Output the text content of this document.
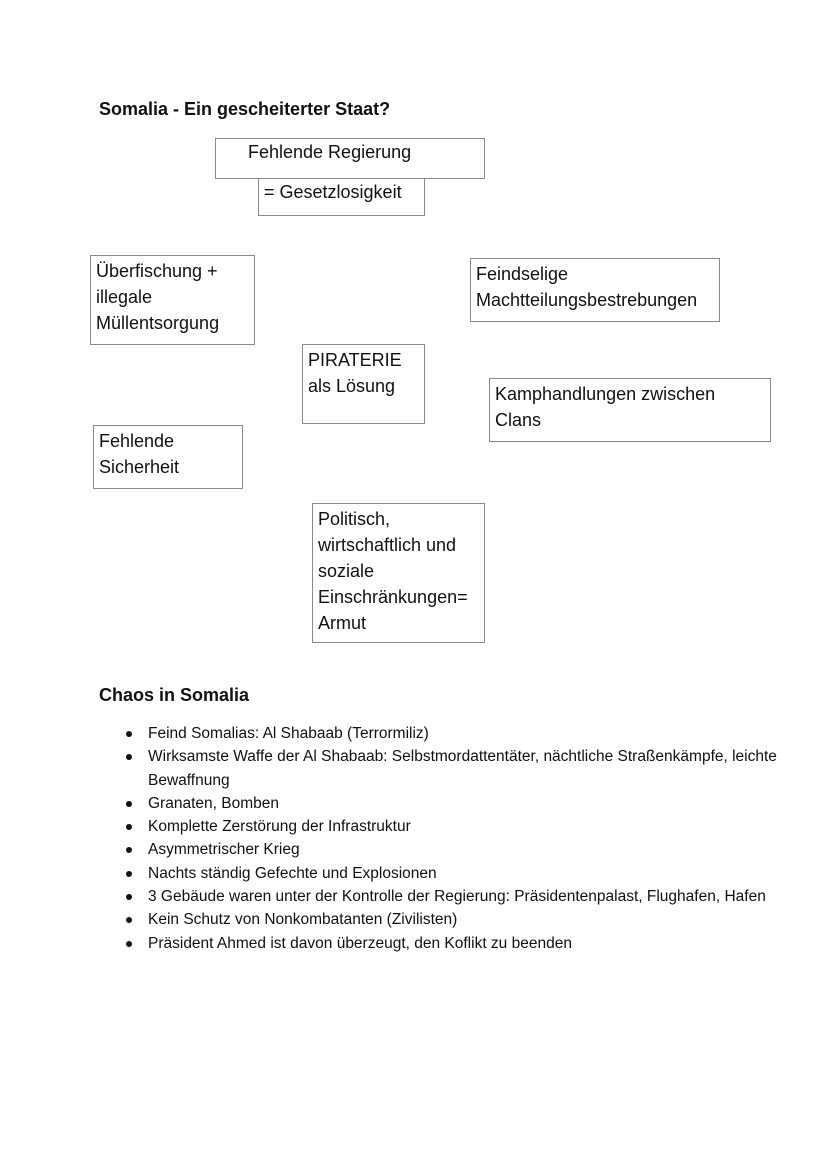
Somalia - Ein gescheiterter Staat?
Fehlende Regierung
= Gesetzlosigkeit
Überfischung +
illegale
Müllentsorgung
Feindselige
Machtteilungsbestrebungen
PIRATERIE
als Lösung	Kamphandlungen zwischen
Clans
Fehlende
Sicherheit
Politisch,
wirtschaftlich und
soziale
Einschränkungen=
Armut
Chaos in Somalia
Feind Somalias: Al Shabaab (Terrormiliz)
Wirksamste Waffe der Al Shabaab: Selbstmordattentäter, nächtliche Straßenkämpfe, leichte Bewaffnung
Granaten, Bomben
Komplette Zerstörung der Infrastruktur
Asymmetrischer Krieg
Nachts ständig Gefechte und Explosionen
3 Gebäude waren unter der Kontrolle der Regierung: Präsidentenpalast, Flughafen, Hafen
Kein Schutz von Nonkombatanten (Zivilisten)
Präsident Ahmed ist davon überzeugt, den Koflikt zu beenden
